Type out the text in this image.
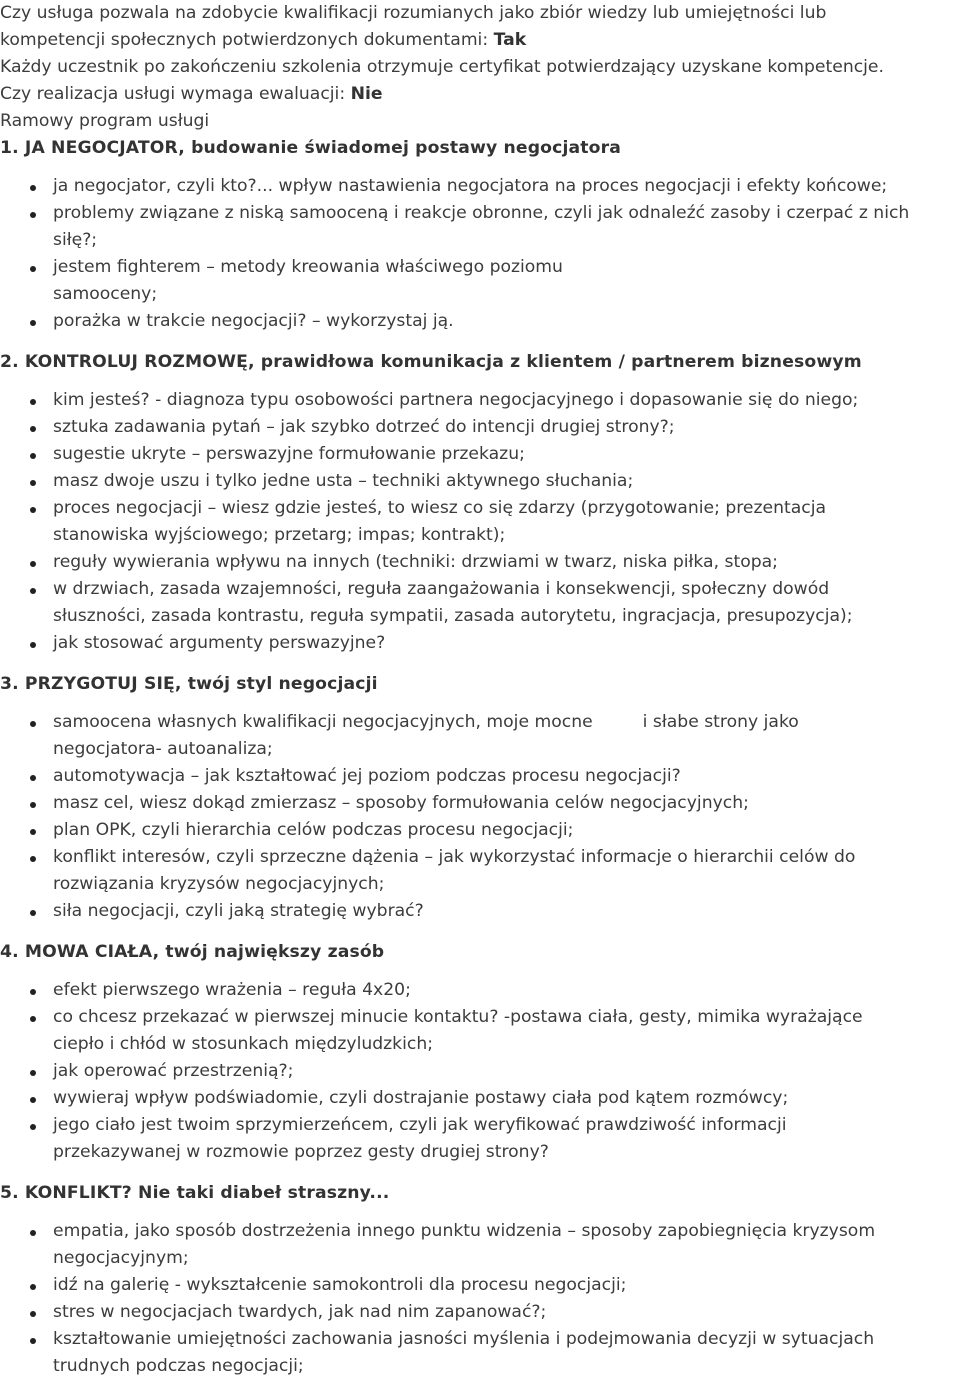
Czy usługa pozwala na zdobycie kwalifikacji rozumianych jako zbiór wiedzy lub umiejętności lub
kompetencji społecznych potwierdzonych dokumentami: Tak
Każdy uczestnik po zakończeniu szkolenia otrzymuje certyfikat potwierdzający uzyskane kompetencje.
Czy realizacja usługi wymaga ewaluacji: Nie
Ramowy program usługi
1. JA NEGOCJATOR, budowanie świadomej postawy negocjatora
ja negocjator, czyli kto?... wpływ nastawienia negocjatora na proces negocjacji i efekty końcowe;
problemy związane z niską samooceną i reakcje obronne, czyli jak odnaleźć zasoby i czerpać z nich siłę?;
jestem fighterem – metody kreowania właściwego poziomu samooceny;
porażka w trakcie negocjacji? – wykorzystaj ją.
2. KONTROLUJ ROZMOWĘ, prawidłowa komunikacja z klientem / partnerem biznesowym
kim jesteś? - diagnoza typu osobowości partnera negocjacyjnego i dopasowanie się do niego;
sztuka zadawania pytań – jak szybko dotrzeć do intencji drugiej strony?;
sugestie ukryte – perswazyjne formułowanie przekazu;
masz dwoje uszu i tylko jedne usta – techniki aktywnego słuchania;
proces negocjacji – wiesz gdzie jesteś, to wiesz co się zdarzy (przygotowanie; prezentacja stanowiska wyjściowego; przetarg; impas; kontrakt);
reguły wywierania wpływu na innych (techniki: drzwiami w twarz, niska piłka, stopa;
w drzwiach, zasada wzajemności, reguła zaangażowania i konsekwencji, społeczny dowód słuszności, zasada kontrastu, reguła sympatii, zasada autorytetu, ingracjacja, presupozycja);
jak stosować argumenty perswazyjne?
3. PRZYGOTUJ SIĘ, twój styl negocjacji
samoocena własnych kwalifikacji negocjacyjnych, moje mocne	i słabe strony jako
negocjatora- autoanaliza;
automotywacja – jak kształtować jej poziom podczas procesu negocjacji?
masz cel, wiesz dokąd zmierzasz – sposoby formułowania celów negocjacyjnych;
plan OPK, czyli hierarchia celów podczas procesu negocjacji;
konflikt interesów, czyli sprzeczne dążenia – jak wykorzystać informacje o hierarchii celów do rozwiązania kryzysów negocjacyjnych;
siła negocjacji, czyli jaką strategię wybrać?
4. MOWA CIAŁA, twój największy zasób
efekt pierwszego wrażenia – reguła 4x20;
co chcesz przekazać w pierwszej minucie kontaktu? -postawa ciała, gesty, mimika wyrażające ciepło i chłód w stosunkach międzyludzkich;
jak operować przestrzenią?;
wywieraj wpływ podświadomie, czyli dostrajanie postawy ciała pod kątem rozmówcy;
jego ciało jest twoim sprzymierzeńcem, czyli jak weryfikować prawdziwość informacji przekazywanej w rozmowie poprzez gesty drugiej strony?
5. KONFLIKT? Nie taki diabeł straszny...
empatia, jako sposób dostrzeżenia innego punktu widzenia – sposoby zapobiegnięcia kryzysom negocjacyjnym;
idź na galerię - wykształcenie samokontroli dla procesu negocjacji;
stres w negocjacjach twardych, jak nad nim zapanować?;
kształtowanie umiejętności zachowania jasności myślenia i podejmowania decyzji w sytuacjach trudnych podczas negocjacji;
